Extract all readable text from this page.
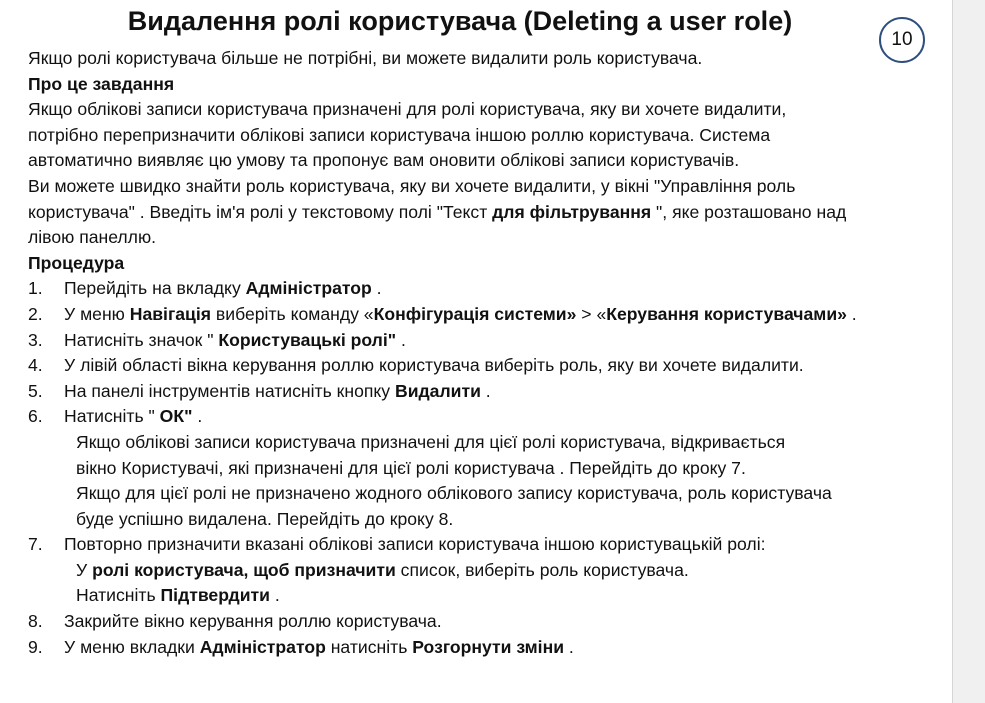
Видалення ролі користувача (Deleting a user role)
10
Якщо ролі користувача більше не потрібні, ви можете видалити роль користувача.
Про це завдання
Якщо облікові записи користувача призначені для ролі користувача, яку ви хочете видалити,
потрібно перепризначити облікові записи користувача іншою роллю користувача. Система
автоматично виявляє цю умову та пропонує вам оновити облікові записи користувачів.
Ви можете швидко знайти роль користувача, яку ви хочете видалити, у вікні "Управління роль
користувача" . Введіть ім'я ролі у текстовому полі "Текст для фільтрування ", яке розташовано над
лівою панеллю.
Процедура
1. Перейдіть на вкладку Адміністратор .
2. У меню Навігація виберіть команду «Конфігурація системи» > «Керування користувачами» .
3. Натисніть значок " Користувацькі ролі" .
4. У лівій області вікна керування роллю користувача виберіть роль, яку ви хочете видалити.
5. На панелі інструментів натисніть кнопку Видалити .
6. Натисніть " ОК" .
Якщо облікові записи користувача призначені для цієї ролі користувача, відкривається
вікно Користувачі, які призначені для цієї ролі користувача . Перейдіть до кроку 7.
Якщо для цієї ролі не призначено жодного облікового запису користувача, роль користувача
буде успішно видалена. Перейдіть до кроку 8.
7. Повторно призначити вказані облікові записи користувача іншою користувацькій ролі:
У ролі користувача, щоб призначити список, виберіть роль користувача.
Натисніть Підтвердити .
8. Закрийте вікно керування роллю користувача.
9. У меню вкладки Адміністратор натисніть Розгорнути зміни .
